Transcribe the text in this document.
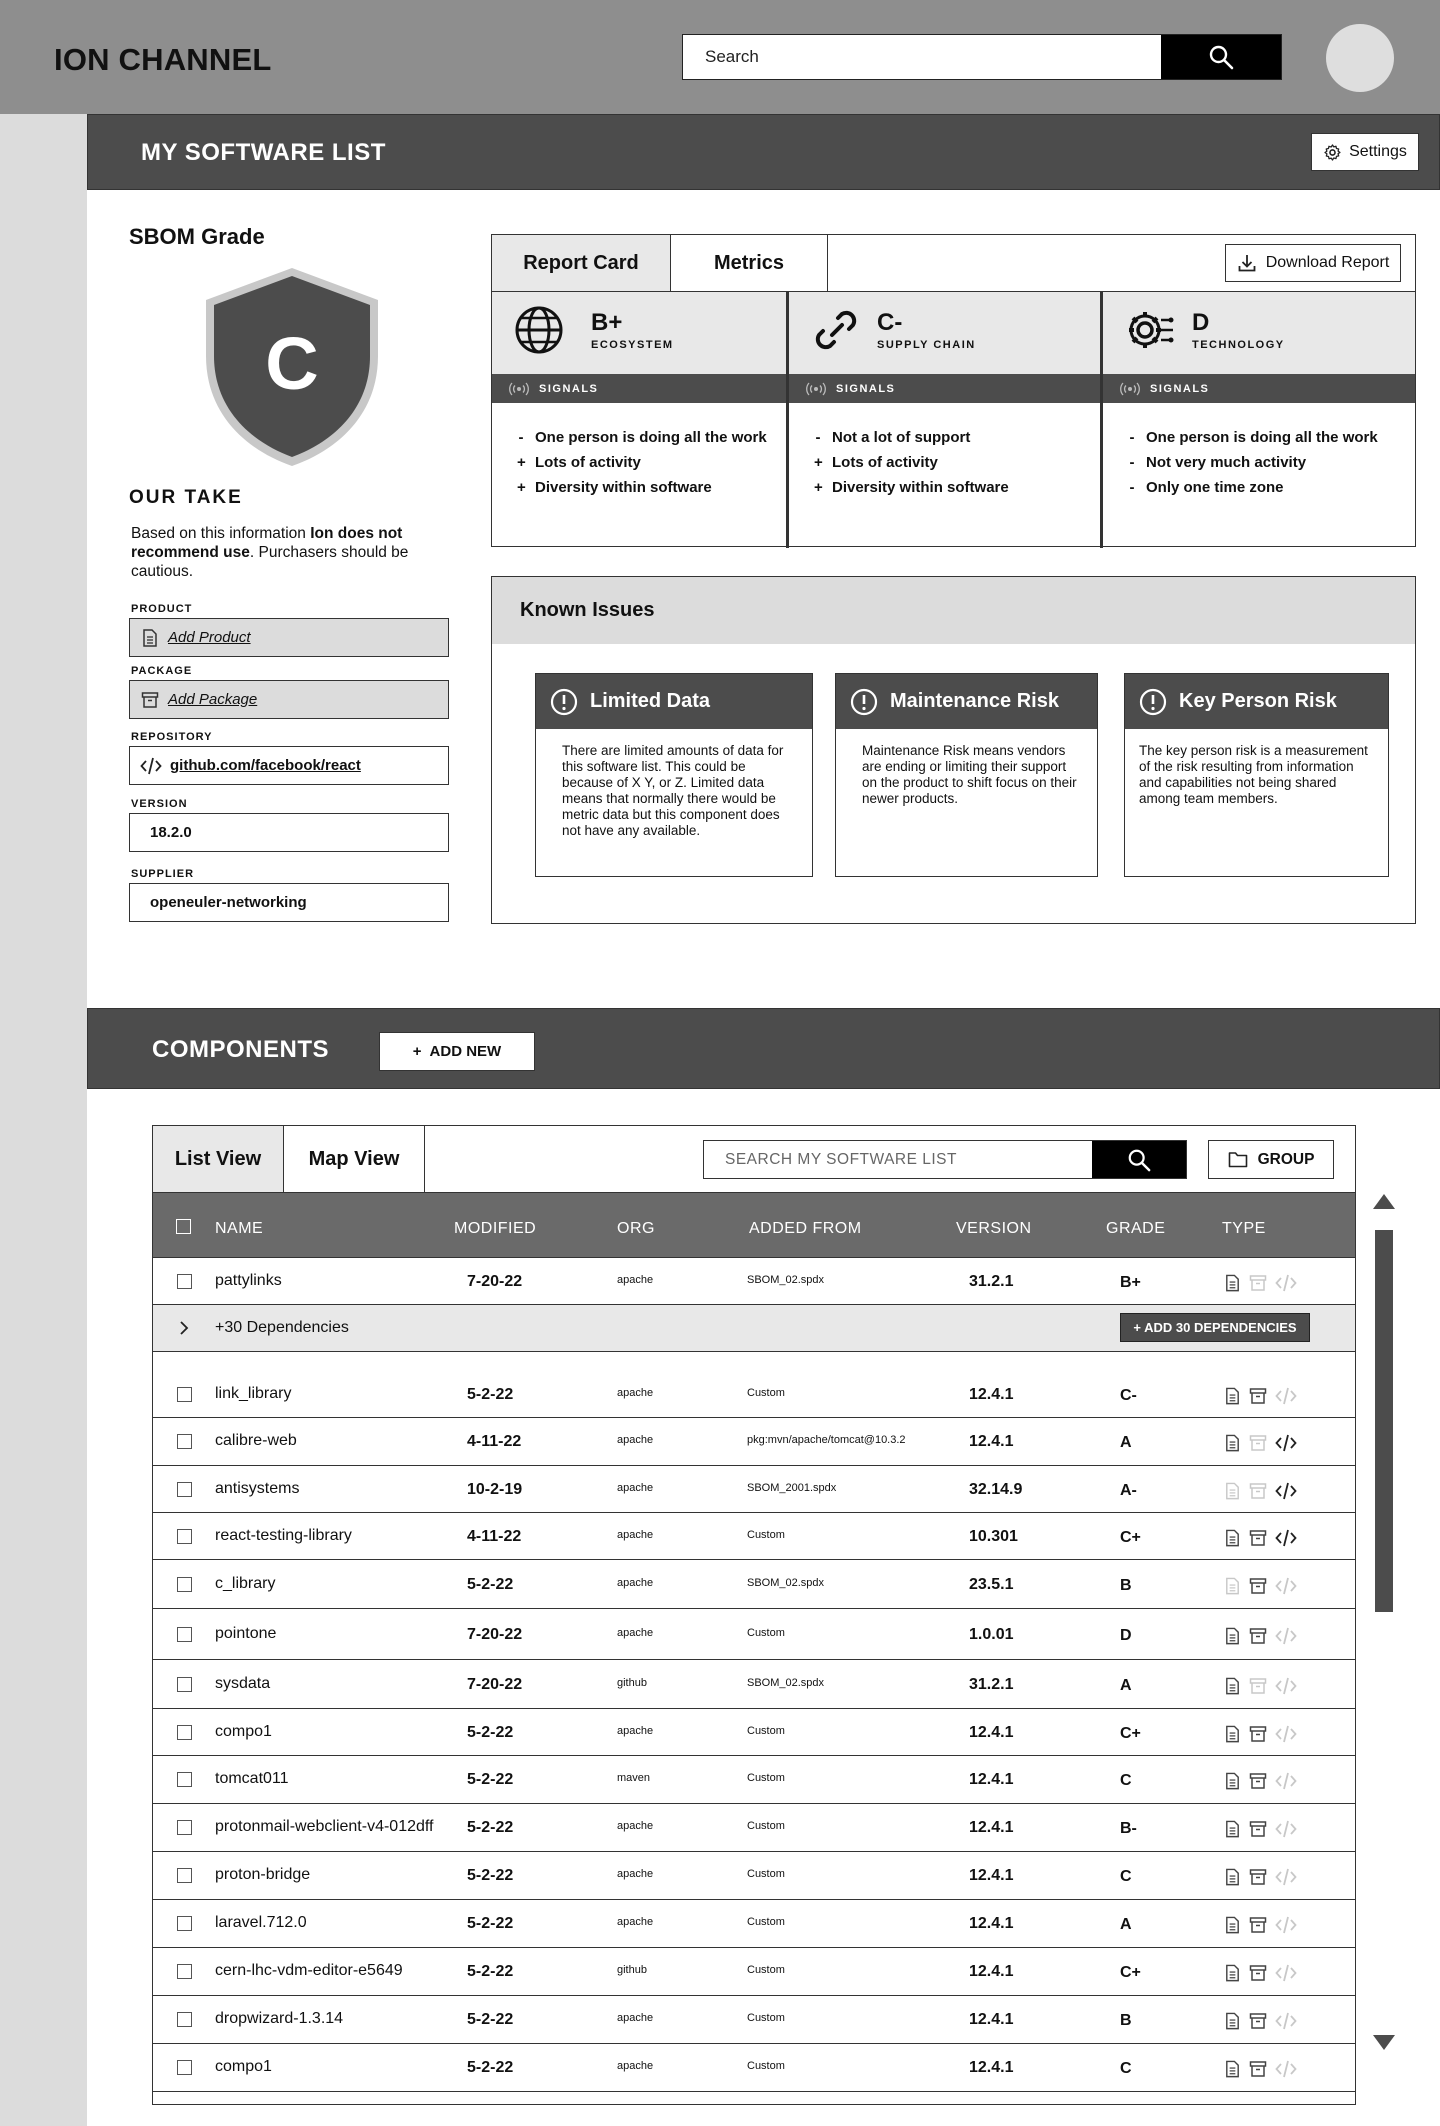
ION CHANNEL
Search
MY SOFTWARE LIST	Settings
SBOM Grade
C
OUR TAKE
Based on this information Ion does not recommend use. Purchasers should be cautious.
PRODUCT
Add Product
PACKAGE
Add Package
REPOSITORY
github.com/facebook/react
VERSION
18.2.0
SUPPLIER
openeuler-networking
Report Card	Metrics	Download Report
B+
ECOSYSTEM
SIGNALS
- One person is doing all the work
+ Lots of activity
+ Diversity within software
C-
SUPPLY CHAIN
SIGNALS
- Not a lot of support
+ Lots of activity
+ Diversity within software
D
TECHNOLOGY
SIGNALS
- One person is doing all the work
- Not very much activity
- Only one time zone
Known Issues
Limited Data
There are limited amounts of data for this software list. This could be because of X Y, or Z. Limited data means that normally there would be metric data but this component does not have any available.
Maintenance Risk
Maintenance Risk means vendors are ending or limiting their support on the product to shift focus on their newer products.
Key Person Risk
The key person risk is a measurement of the risk resulting from information and capabilities not being shared among team members.
COMPONENTS	+ ADD NEW
List View	Map View
SEARCH MY SOFTWARE LIST	GROUP
NAME	MODIFIED	ORG	ADDED FROM	VERSION	GRADE	TYPE
pattylinks	7-20-22	apache	SBOM_02.spdx	31.2.1	B+
+30 Dependencies	+ ADD 30 DEPENDENCIES
link_library	5-2-22	apache	Custom	12.4.1	C-
calibre-web	4-11-22	apache	pkg:mvn/apache/tomcat@10.3.2	12.4.1	A
antisystems	10-2-19	apache	SBOM_2001.spdx	32.14.9	A-
react-testing-library	4-11-22	apache	Custom	10.301	C+
c_library	5-2-22	apache	SBOM_02.spdx	23.5.1	B
pointone	7-20-22	apache	Custom	1.0.01	D
sysdata	7-20-22	github	SBOM_02.spdx	31.2.1	A
compo1	5-2-22	apache	Custom	12.4.1	C+
tomcat011	5-2-22	maven	Custom	12.4.1	C
protonmail-webclient-v4-012dff 5-2-22	apache	Custom	12.4.1	B-
proton-bridge	5-2-22	apache	Custom	12.4.1	C
laravel.712.0	5-2-22	apache	Custom	12.4.1	A
cern-lhc-vdm-editor-e5649	5-2-22	github	Custom	12.4.1	C+
dropwizard-1.3.14	5-2-22	apache	Custom	12.4.1	B
compo1	5-2-22	apache	Custom	12.4.1	C
